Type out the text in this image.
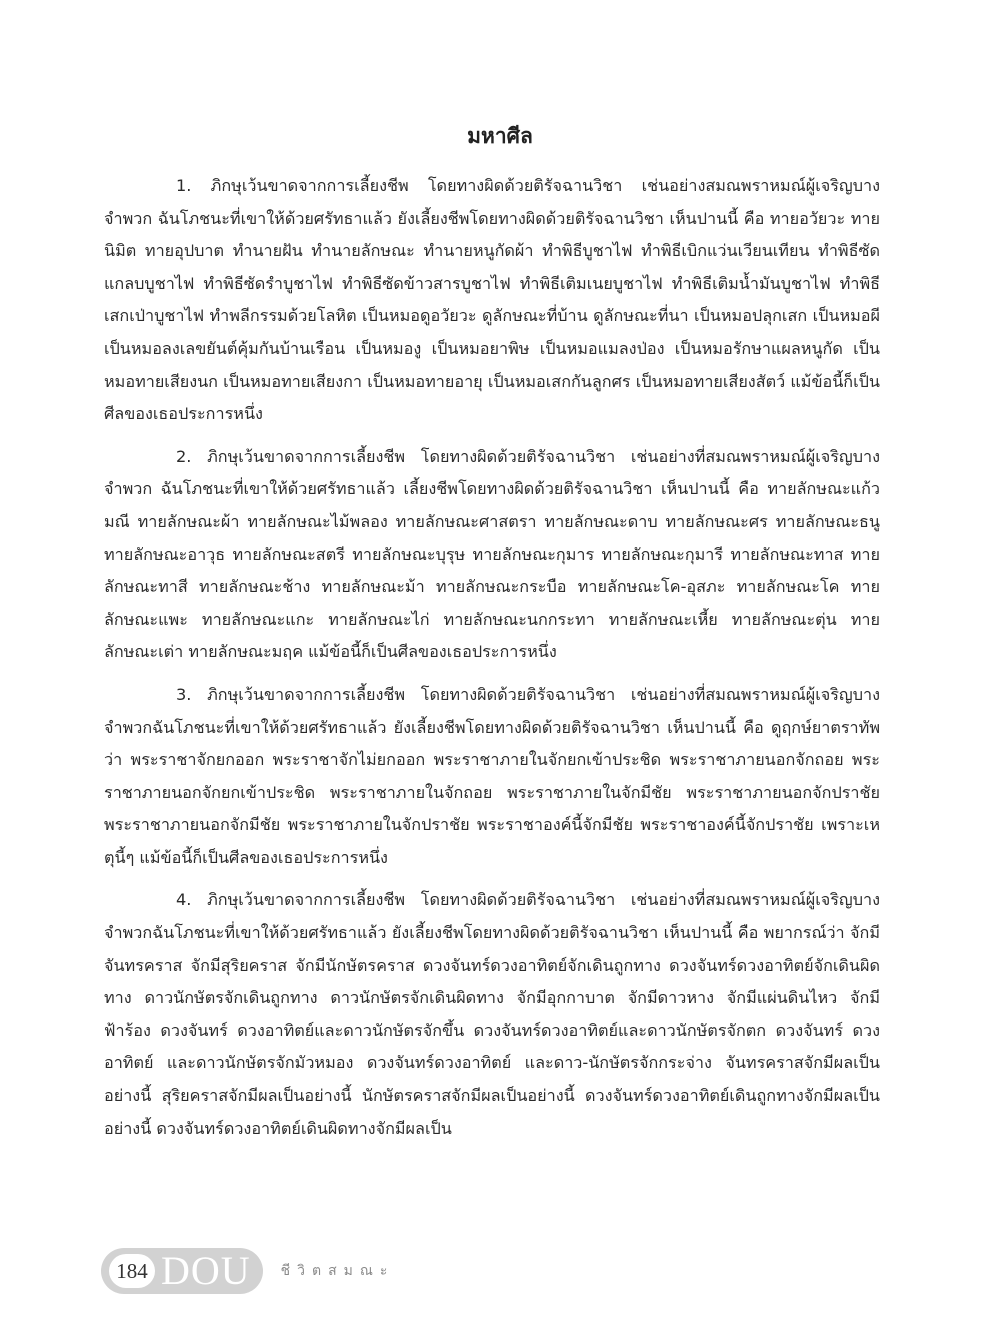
มหาศีล

1. ภิกษุเว้นขาดจากการเลี้ยงชีพ โดยทางผิดด้วยติรัจฉานวิชา เช่นอย่างสมณพราหมณ์ผู้เจริญบางจำพวก ฉันโภชนะที่เขาให้ด้วยศรัทธาแล้ว ยังเลี้ยงชีพโดยทางผิดด้วยติรัจฉานวิชา เห็นปานนี้ คือ ทายอวัยวะ ทายนิมิต ทายอุปบาต ทำนายฝัน ทำนายลักษณะ ทำนายหนูกัดผ้า ทำพิธีบูชาไฟ ทำพิธีเบิกแว่นเวียนเทียน ทำพิธีซัดแกลบบูชาไฟ ทำพิธีซัดรำบูชาไฟ ทำพิธีซัดข้าวสารบูชาไฟ ทำพิธีเติมเนยบูชาไฟ ทำพิธีเติมน้ำมันบูชาไฟ ทำพิธีเสกเป่าบูชาไฟ ทำพลีกรรมด้วยโลหิต เป็นหมอดูอวัยวะ ดูลักษณะที่บ้าน ดูลักษณะที่นา เป็นหมอปลุกเสก เป็นหมอผี เป็นหมอลงเลขยันต์คุ้มกันบ้านเรือน เป็นหมองู เป็นหมอยาพิษ เป็นหมอแมลงป่อง เป็นหมอรักษาแผลหนูกัด เป็นหมอทายเสียงนก เป็นหมอทายเสียงกา เป็นหมอทายอายุ เป็นหมอเสกกันลูกศร เป็นหมอทายเสียงสัตว์ แม้ข้อนี้ก็เป็นศีลของเธอประการหนึ่ง

2. ภิกษุเว้นขาดจากการเลี้ยงชีพ โดยทางผิดด้วยติรัจฉานวิชา เช่นอย่างที่สมณพราหมณ์ผู้เจริญบางจำพวก ฉันโภชนะที่เขาให้ด้วยศรัทธาแล้ว เลี้ยงชีพโดยทางผิดด้วยติรัจฉานวิชา เห็นปานนี้ คือ ทายลักษณะแก้วมณี ทายลักษณะผ้า ทายลักษณะไม้พลอง ทายลักษณะศาสตรา ทายลักษณะดาบ ทายลักษณะศร ทายลักษณะธนู ทายลักษณะอาวุธ ทายลักษณะสตรี ทายลักษณะบุรุษ ทายลักษณะกุมาร ทายลักษณะกุมารี ทายลักษณะทาส ทายลักษณะทาสี ทายลักษณะช้าง ทายลักษณะม้า ทายลักษณะกระบือ ทายลักษณะโค-อุสภะ ทายลักษณะโค ทายลักษณะแพะ ทายลักษณะแกะ ทายลักษณะไก่ ทายลักษณะนกกระทา ทายลักษณะเหี้ย ทายลักษณะตุ่น ทายลักษณะเต่า ทายลักษณะมฤค แม้ข้อนี้ก็เป็นศีลของเธอประการหนึ่ง

3. ภิกษุเว้นขาดจากการเลี้ยงชีพ โดยทางผิดด้วยติรัจฉานวิชา เช่นอย่างที่สมณพราหมณ์ผู้เจริญบางจำพวกฉันโภชนะที่เขาให้ด้วยศรัทธาแล้ว ยังเลี้ยงชีพโดยทางผิดด้วยติรัจฉานวิชา เห็นปานนี้ คือ ดูฤกษ์ยาตราทัพว่า พระราชาจักยกออก พระราชาจักไม่ยกออก พระราชาภายในจักยกเข้าประชิด พระราชาภายนอกจักถอย พระราชาภายนอกจักยกเข้าประชิด พระราชาภายในจักถอย พระราชาภายในจักมีชัย พระราชาภายนอกจักปราชัย พระราชาภายนอกจักมีชัย พระราชาภายในจักปราชัย พระราชาองค์นี้จักมีชัย พระราชาองค์นี้จักปราชัย เพราะเหตุนี้ๆ แม้ข้อนี้ก็เป็นศีลของเธอประการหนึ่ง

4. ภิกษุเว้นขาดจากการเลี้ยงชีพ โดยทางผิดด้วยติรัจฉานวิชา เช่นอย่างที่สมณพราหมณ์ผู้เจริญบางจำพวกฉันโภชนะที่เขาให้ด้วยศรัทธาแล้ว ยังเลี้ยงชีพโดยทางผิดด้วยติรัจฉานวิชา เห็นปานนี้ คือ พยากรณ์ว่า จักมีจันทรคราส จักมีสุริยคราส จักมีนักษัตรคราส ดวงจันทร์ดวงอาทิตย์จักเดินถูกทาง ดวงจันทร์ดวงอาทิตย์จักเดินผิดทาง ดาวนักษัตรจักเดินถูกทาง ดาวนักษัตรจักเดินผิดทาง จักมีอุกกาบาต จักมีดาวหาง จักมีแผ่นดินไหว จักมีฟ้าร้อง ดวงจันทร์ ดวงอาทิตย์และดาวนักษัตรจักขึ้น ดวงจันทร์ดวงอาทิตย์และดาวนักษัตรจักตก ดวงจันทร์ ดวงอาทิตย์ และดาวนักษัตรจักมัวหมอง ดวงจันทร์ดวงอาทิตย์ และดาว-นักษัตรจักกระจ่าง จันทรคราสจักมีผลเป็นอย่างนี้ สุริยคราสจักมีผลเป็นอย่างนี้ นักษัตรคราสจักมีผลเป็นอย่างนี้ ดวงจันทร์ดวงอาทิตย์เดินถูกทางจักมีผลเป็นอย่างนี้ ดวงจันทร์ดวงอาทิตย์เดินผิดทางจักมีผลเป็น

184 DOU ชีวิตสมณะ
